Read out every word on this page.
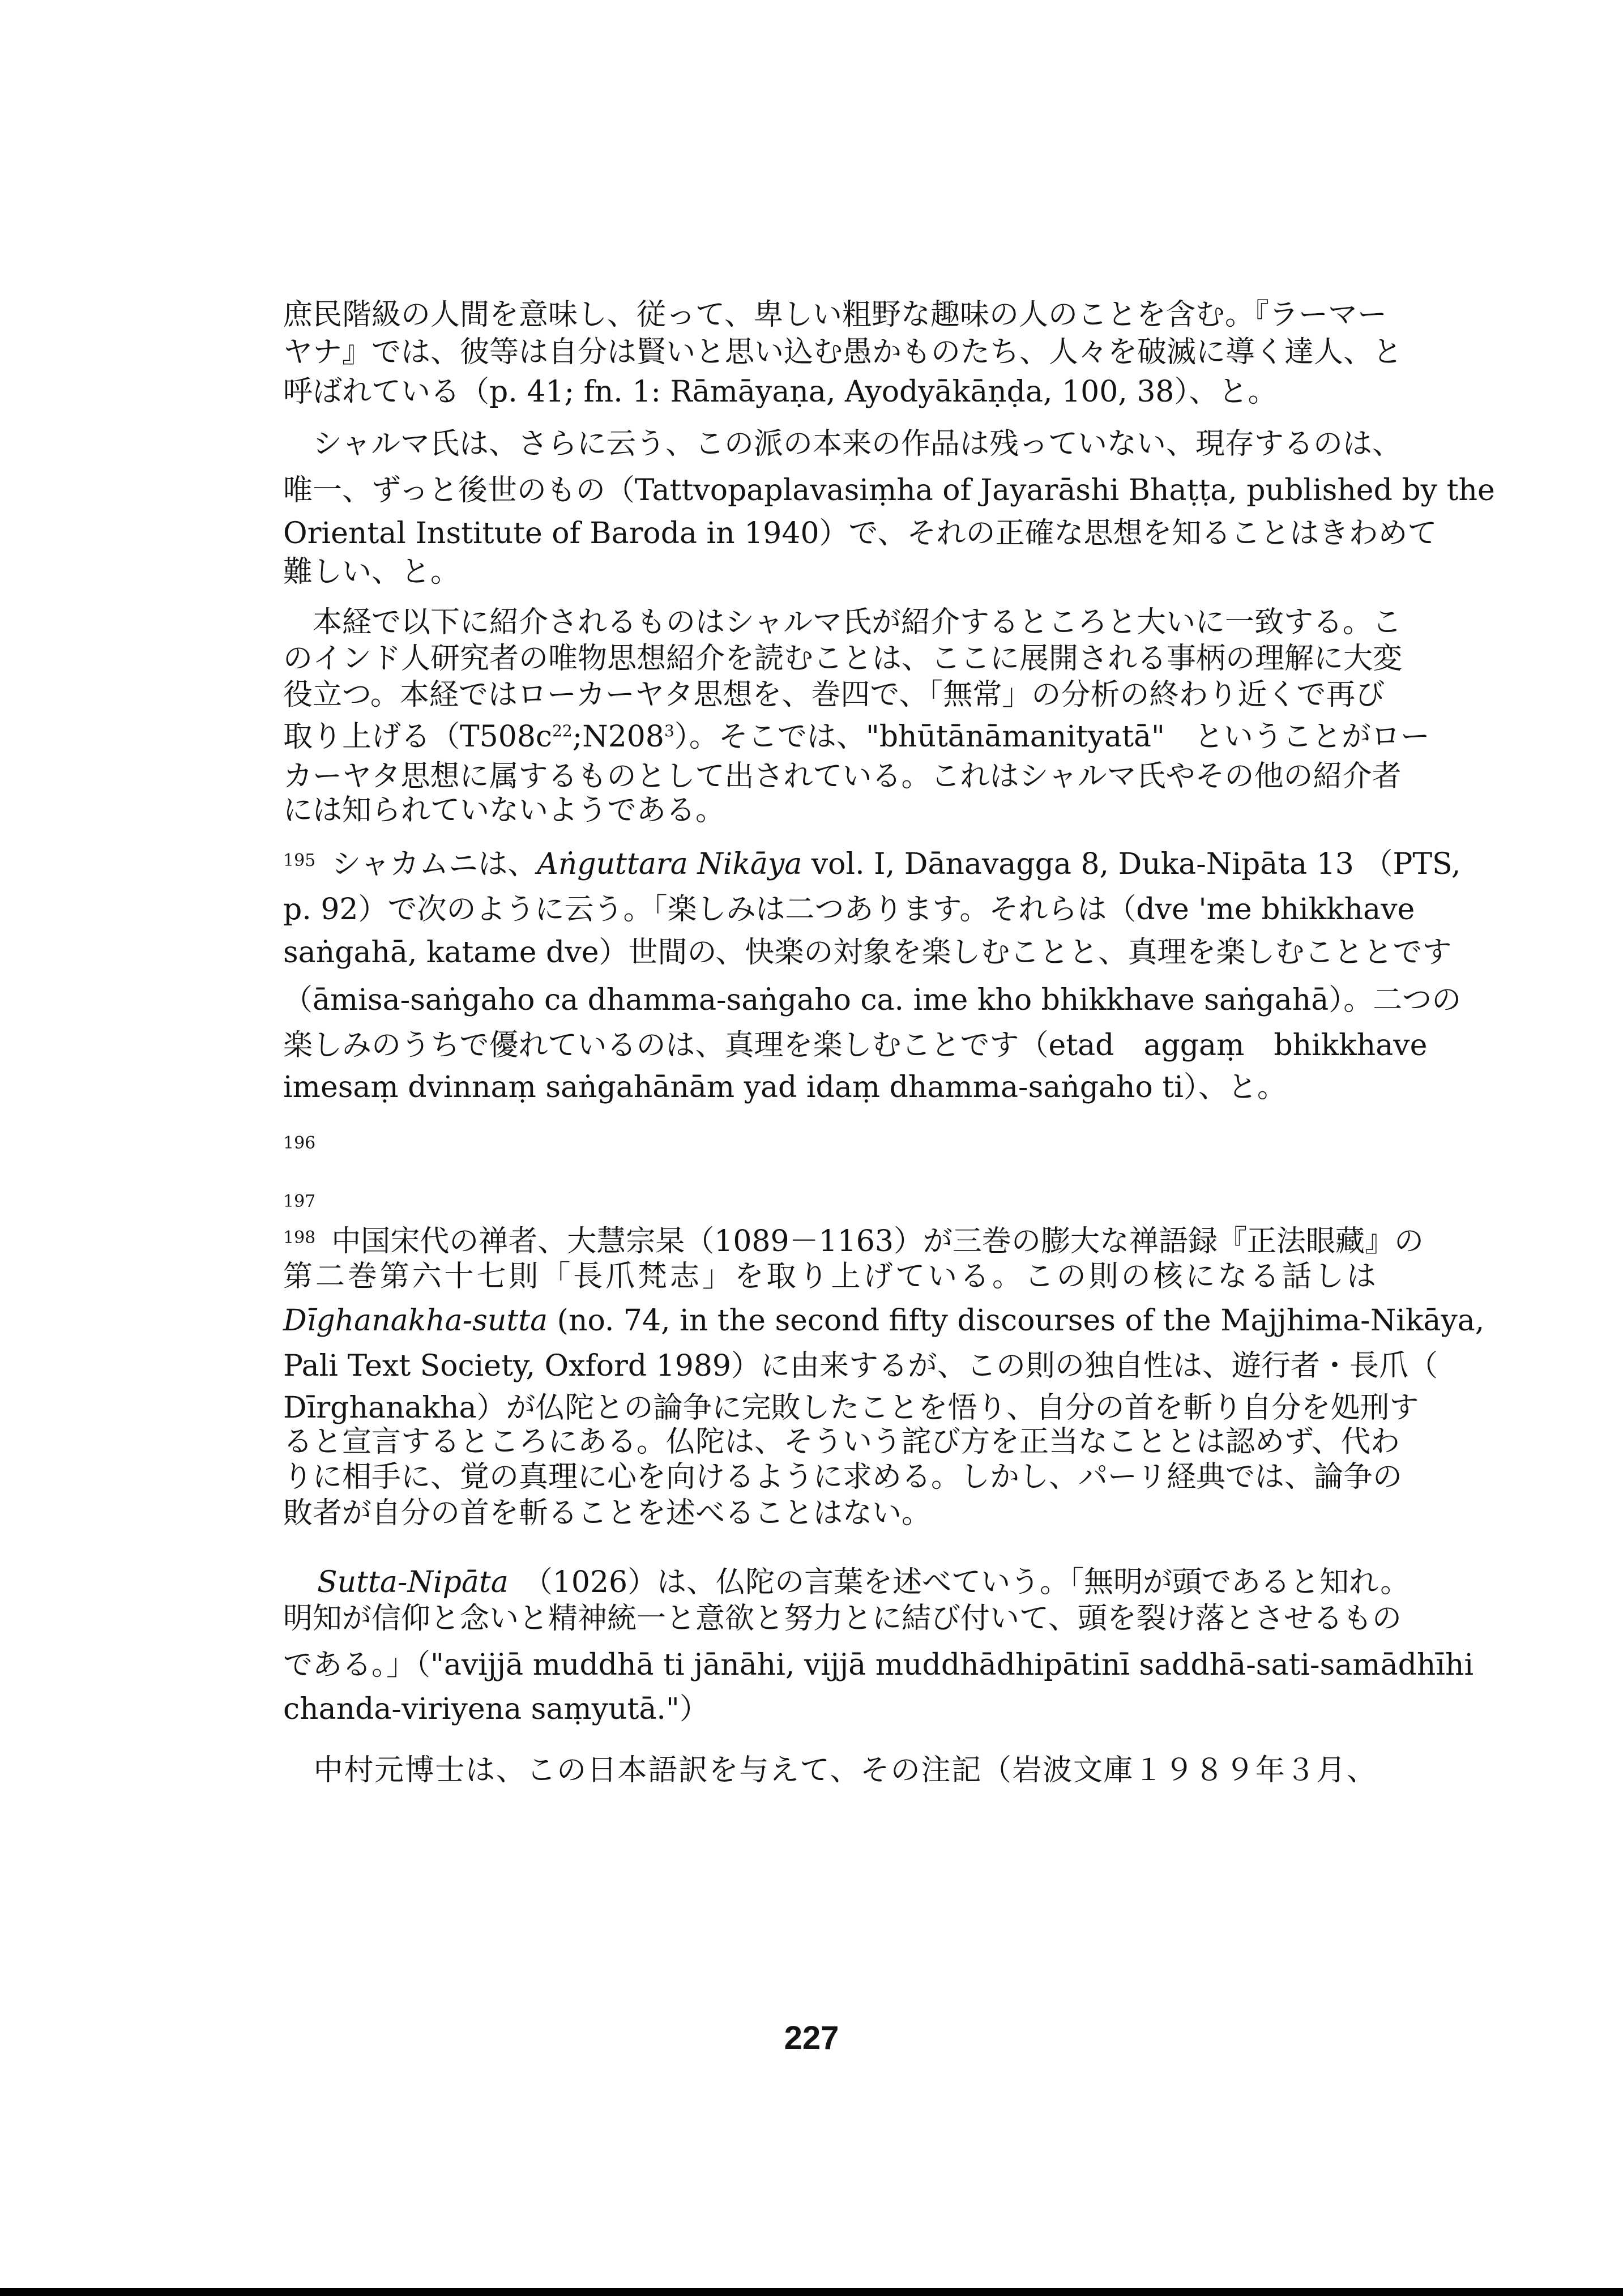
庶民階級の人間を意味し、従って、卑しい粗野な趣味の人のことを含む。『ラーマー
ヤナ』では、彼等は自分は賢いと思い込む愚かものたち、人々を破滅に導く達人、と
呼ばれている（p. 41; fn. 1: Rāmāyaṇa, Ayodyākāṇḍa, 100, 38）、と。
　シャルマ氏は、さらに云う、この派の本来の作品は残っていない、現存するのは、
唯一、ずっと後世のもの（Tattvopaplavasiṃha of Jayarāshi Bhaṭṭa, published by the
Oriental Institute of Baroda in 1940）で、それの正確な思想を知ることはきわめて
難しい、と。
　本経で以下に紹介されるものはシャルマ氏が紹介するところと大いに一致する。こ
のインド人研究者の唯物思想紹介を読むことは、ここに展開される事柄の理解に大変
役立つ。本経ではローカーヤタ思想を、巻四で、「無常」の分析の終わり近くで再び
取り上げる$(T508c^{22};N208^3)$。そこでは、"bhūtānāmanityatā"　ということがロー
カーヤタ思想に属するものとして出されている。これはシャルマ氏やその他の紹介者
には知られていないようである。
$^{195}$ シャカムニは、Aṅguttara Nikāya vol. I, Dānavagga 8, Duka-Nipāta 13 （PTS,
p. 92）で次のように云う。「楽しみは二つあります。それらは（dve 'me bhikkhave
saṅgahā, katame dve）世間の、快楽の対象を楽しむことと、真理を楽しむこととです
（āmisa-saṅgaho ca dhamma-saṅgaho ca. ime kho bhikkhave saṅgahā）。二つの
楽しみのうちで優れているのは、真理を楽しむことです（etad　aggaṃ　bhikkhave
imesaṃ dvinnaṃ saṅgahānām yad idaṃ dhamma-saṅgaho ti）、と。
196
197
$^{198}$ 中国宋代の禅者、大慧宗杲（1089－1163）が三巻の膨大な禅語録『正法眼藏』の
第二巻第六十七則「長爪梵志」を取り上げている。この則の核になる話しは
Dīghanakha-sutta (no. 74, in the second fifty discourses of the Majjhima-Nikāya,
Pali Text Society, Oxford 1989）に由来するが、この則の独自性は、遊行者・長爪（
Dīrghanakha）が仏陀との論争に完敗したことを悟り、自分の首を斬り自分を処刑す
ると宣言するところにある。仏陀は、そういう詫び方を正当なこととは認めず、代わ
りに相手に、覚の真理に心を向けるように求める。しかし、パーリ経典では、論争の
敗者が自分の首を斬ることを述べることはない。
Sutta-Nipāta　（1026）は、仏陀の言葉を述べていう。「無明が頭であると知れ。
明知が信仰と念いと精神統一と意欲と努力とに結び付いて、頭を裂け落とさせるもの
である。」（"avijjā muddhā ti jānāhi, vijjā muddhādhipātinī saddhā-sati-samādhīhi
chanda-viriyena saṃyutā."）
　中村元博士は、この日本語訳を与えて、その注記（岩波文庫１９８９年３月、
227
